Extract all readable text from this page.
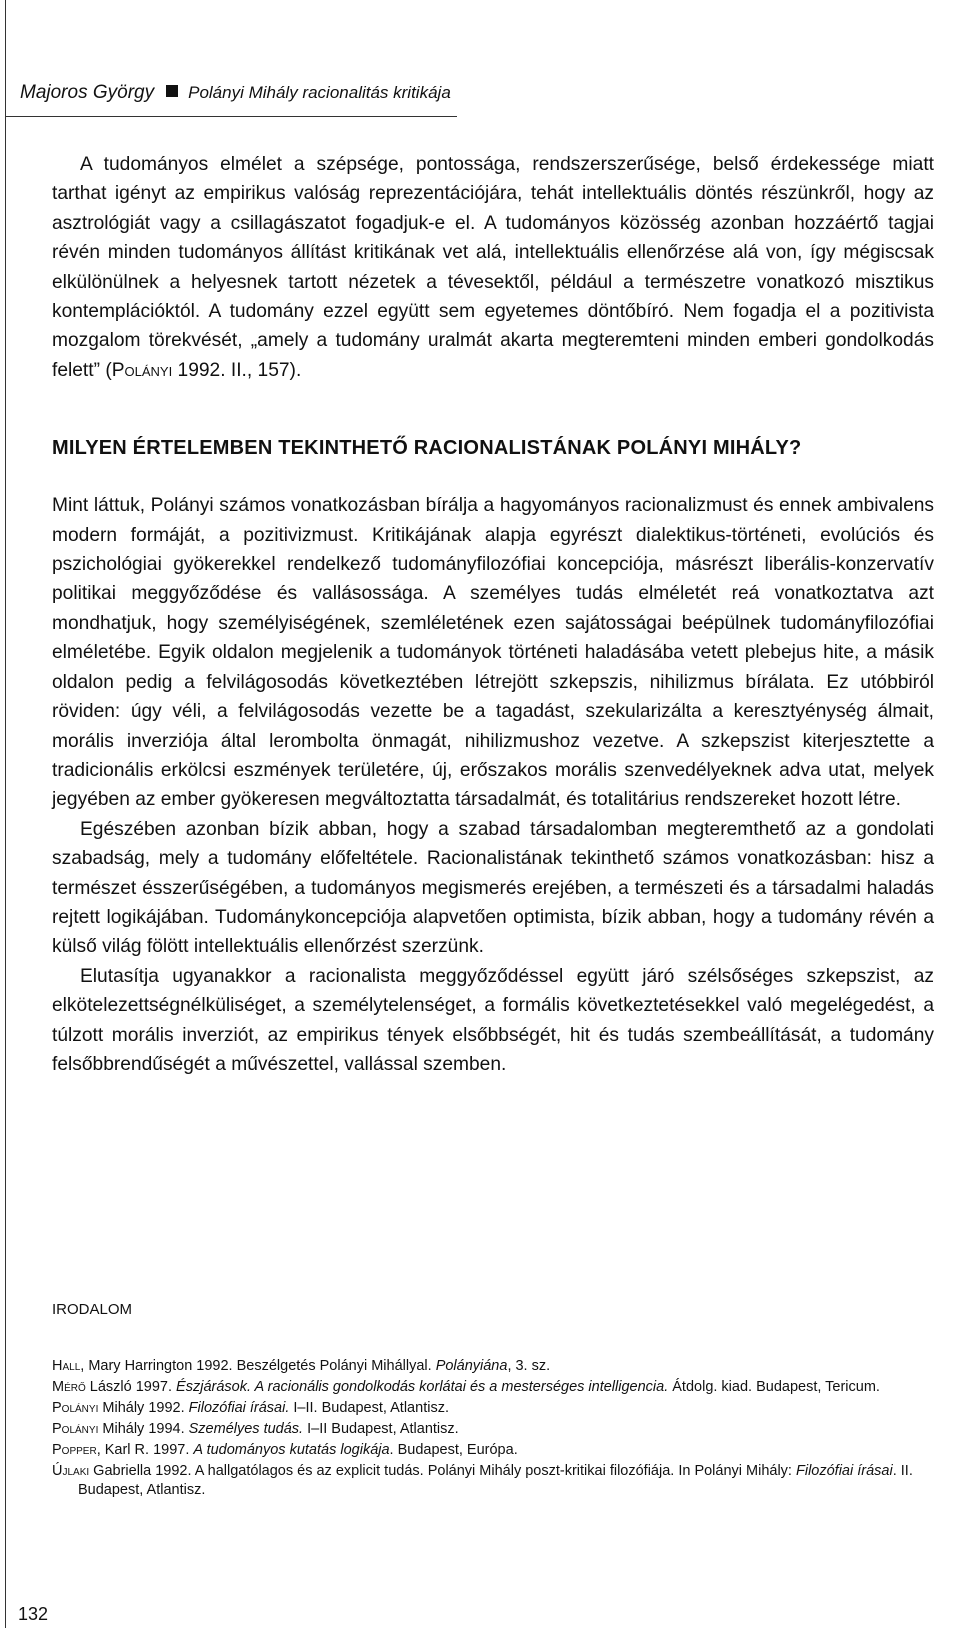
Majoros György Polányi Mihály racionalitás kritikája

A tudományos elmélet a szépsége, pontossága, rendszerszerűsége, belső érdekessége miatt tarthat igényt az empirikus valóság reprezentációjára, tehát intellektuális döntés részünkről, hogy az asztrológiát vagy a csillagászatot fogadjuk-e el. A tudományos közösség azonban hozzáértő tagjai révén minden tudományos állítást kritikának vet alá, intellektuális ellenőrzése alá von, így mégiscsak elkülönülnek a helyesnek tartott nézetek a tévesektől, például a természetre vonatkozó misztikus kontemplációktól. A tudomány ezzel együtt sem egyetemes döntőbíró. Nem fogadja el a pozitivista mozgalom törekvését, „amely a tudomány uralmát akarta megteremteni minden emberi gondolkodás felett” (Polányi 1992. II., 157).

MILYEN ÉRTELEMBEN TEKINTHETŐ RACIONALISTÁNAK POLÁNYI MIHÁLY?

Mint láttuk, Polányi számos vonatkozásban bírálja a hagyományos racionalizmust és ennek ambivalens modern formáját, a pozitivizmust. Kritikájának alapja egyrészt dialektikus-történeti, evolúciós és pszichológiai gyökerekkel rendelkező tudományfilozófiai koncepciója, másrészt liberális-konzervatív politikai meggyőződése és vallásossága. A személyes tudás elméletét reá vonatkoztatva azt mondhatjuk, hogy személyiségének, szemléletének ezen sajátosságai beépülnek tudományfilozófiai elméletébe. Egyik oldalon megjelenik a tudományok történeti haladásába vetett plebejus hite, a másik oldalon pedig a felvilágosodás következtében létrejött szkepszis, nihilizmus bírálata. Ez utóbbiról röviden: úgy véli, a felvilágosodás vezette be a tagadást, szekularizálta a keresztyénység álmait, morális inverziója által lerombolta önmagát, nihilizmushoz vezetve. A szkepszist kiterjesztette a tradicionális erkölcsi eszmények területére, új, erőszakos morális szenvedélyeknek adva utat, melyek jegyében az ember gyökeresen megváltoztatta társadalmát, és totalitárius rendszereket hozott létre.

Egészében azonban bízik abban, hogy a szabad társadalomban megteremthető az a gondolati szabadság, mely a tudomány előfeltétele. Racionalistának tekinthető számos vonatkozásban: hisz a természet ésszerűségében, a tudományos megismerés erejében, a természeti és a társadalmi haladás rejtett logikájában. Tudománykoncepciója alapvetően optimista, bízik abban, hogy a tudomány révén a külső világ fölött intellektuális ellenőrzést szerzünk.

Elutasítja ugyanakkor a racionalista meggyőződéssel együtt járó szélsőséges szkepszist, az elkötelezettségnélküliséget, a személytelenséget, a formális következtetésekkel való megelégedést, a túlzott morális inverziót, az empirikus tények elsőbbségét, hit és tudás szembeállítását, a tudomány felsőbbrendűségét a művészettel, vallással szemben.

IRODALOM

Hall, Mary Harrington 1992. Beszélgetés Polányi Mihállyal. Polányiána, 3. sz.

Mérő László 1997. Észjárások. A racionális gondolkodás korlátai és a mesterséges intelligencia. Átdolg. kiad. Budapest, Tericum.

Polányi Mihály 1992. Filozófiai írásai. I–II. Budapest, Atlantisz.

Polányi Mihály 1994. Személyes tudás. I–II Budapest, Atlantisz.

Popper, Karl R. 1997. A tudományos kutatás logikája. Budapest, Európa.

Újlaki Gabriella 1992. A hallgatólagos és az explicit tudás. Polányi Mihály poszt-kritikai filozófiája. In Polányi Mihály: Filozófiai írásai. II. Budapest, Atlantisz.

132
